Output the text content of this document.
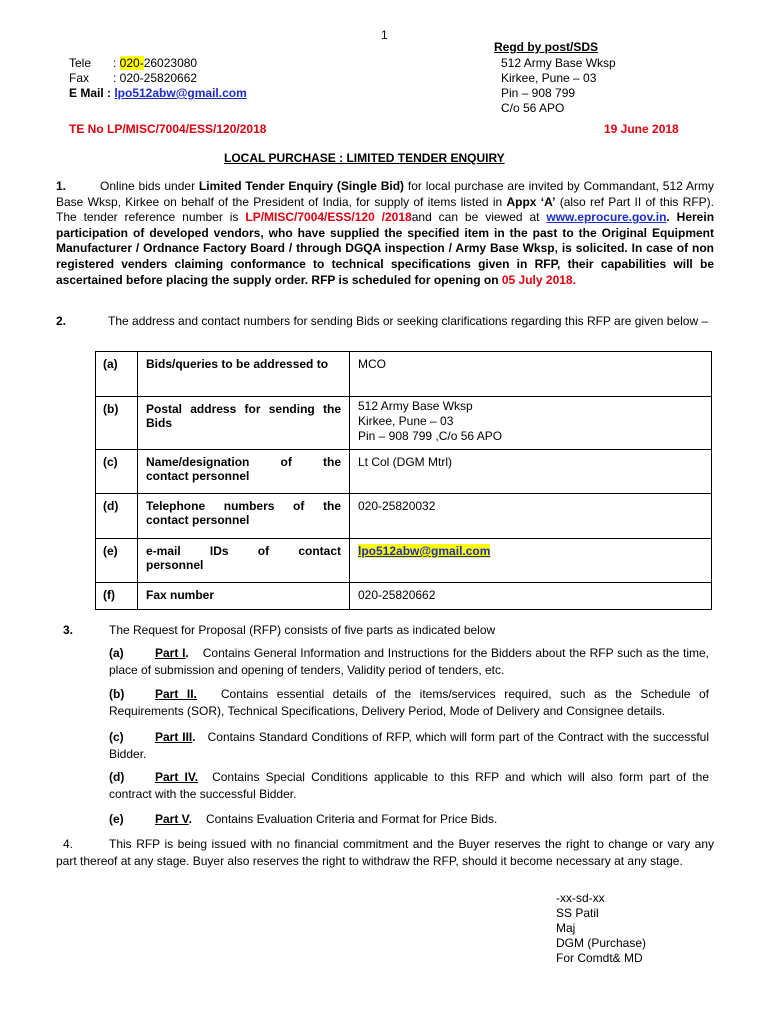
1
Regd by post/SDS
512 Army Base Wksp
Kirkee, Pune – 03
Pin – 908 799
C/o 56 APO
Tele : 020-26023080
Fax : 020-25820662
E Mail : lpo512abw@gmail.com
TE No LP/MISC/7004/ESS/120/2018	19 June 2018
LOCAL PURCHASE : LIMITED TENDER ENQUIRY

1.	Online bids under Limited Tender Enquiry (Single Bid) for local purchase are invited by Commandant, 512 Army Base Wksp, Kirkee on behalf of the President of India, for supply of items listed in Appx ‘A’ (also ref Part II of this RFP). The tender reference number is LP/MISC/7004/ESS/120 /2018and can be viewed at www.eprocure.gov.in. Herein participation of developed vendors, who have supplied the specified item in the past to the Original Equipment Manufacturer / Ordnance Factory Board / through DGQA inspection / Army Base Wksp, is solicited. In case of non registered venders claiming conformance to technical specifications given in RFP, their capabilities will be ascertained before placing the supply order. RFP is scheduled for opening on 05 July 2018.

2.	The address and contact numbers for sending Bids or seeking clarifications regarding this RFP are given below –

(a)	Bids/queries to be addressed to	MCO
(b)	Postal address for sending the Bids	512 Army Base Wksp
Kirkee, Pune – 03
Pin – 908 799 ,C/o 56 APO

(c)	Name/designation of the
contact personnel	Lt Col (DGM Mtrl)
(d)	Telephone numbers of the contact personnel	020-25820032
(e)	e-mail IDs of contact
personnel	lpo512abw@gmail.com
(f)	Fax number	020-25820662
3.	The Request for Proposal (RFP) consists of five parts as indicated below
(a)	Part I. Contains General Information and Instructions for the Bidders about the RFP such as the time, place of submission and opening of tenders, Validity period of tenders, etc.
(b)	Part II. Contains essential details of the items/services required, such as the Schedule of Requirements (SOR), Technical Specifications, Delivery Period, Mode of Delivery and Consignee details.
(c)	Part III. Contains Standard Conditions of RFP, which will form part of the Contract with the successful Bidder.
(d)	Part IV. Contains Special Conditions applicable to this RFP and which will also form part of the contract with the successful Bidder.
(e)	Part V. Contains Evaluation Criteria and Format for Price Bids.

4.	This RFP is being issued with no financial commitment and the Buyer reserves the right to change or vary any part thereof at any stage. Buyer also reserves the right to withdraw the RFP, should it become necessary at any stage.

-xx-sd-xx
SS Patil
Maj
DGM (Purchase)
For Comdt& MD
